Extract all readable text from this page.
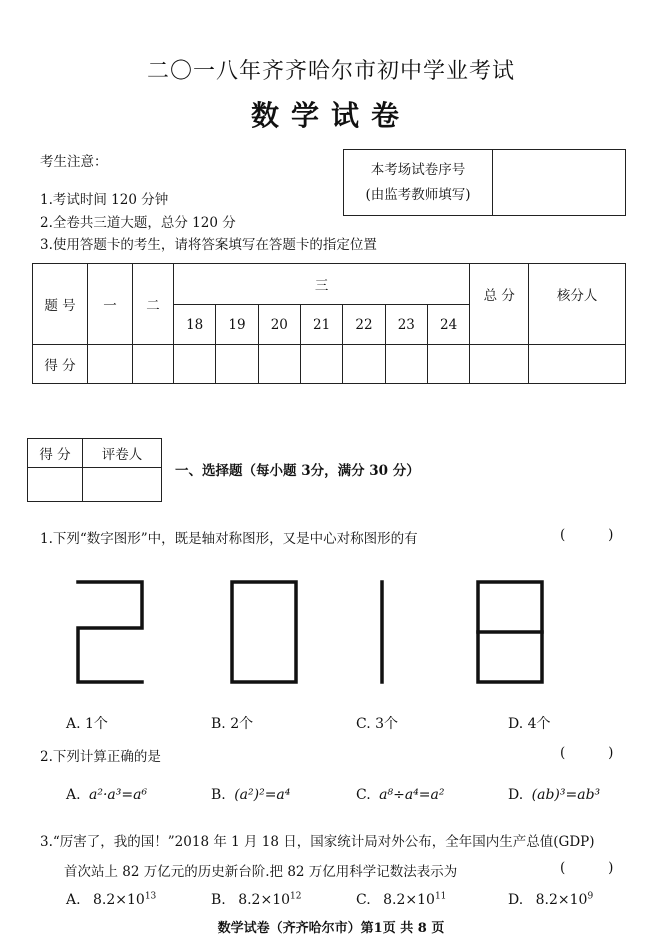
二〇一八年齐齐哈尔市初中学业考试
数学试卷
考生注意：
1.考试时间 120 分钟
2.全卷共三道大题，总分 120 分
3.使用答题卡的考生，请将答案填写在答题卡的指定位置
本考场试卷序号
(由监考教师填写)

题 号	一	二	三							总 分	核分人
			18	19	20	21	22	23	24		
得 分											
得 分	评卷人

一、选择题（每小题 3分，满分 30 分）
1.下列“数字图形”中，既是轴对称图形，又是中心对称图形的有	(          )
A. 1个	B. 2个	C. 3个	D. 4个
2.下列计算正确的是	(          )
A. a²·a³=a⁶	B. (a²)²=a⁴	C. a⁸÷a⁴=a²	D. (ab)³=ab³
3.“厉害了，我的国！”2018 年 1 月 18 日，国家统计局对外公布，全年国内生产总值(GDP)
首次站上 82 万亿元的历史新台阶.把 82 万亿用科学记数法表示为	(          )
A. $8.2\times 10^{13}$	B. $8.2\times 10^{12}$	C. $8.2\times 10^{11}$	D. $8.2\times 10^9$
数学试卷（齐齐哈尔市）第1页 共 8 页
